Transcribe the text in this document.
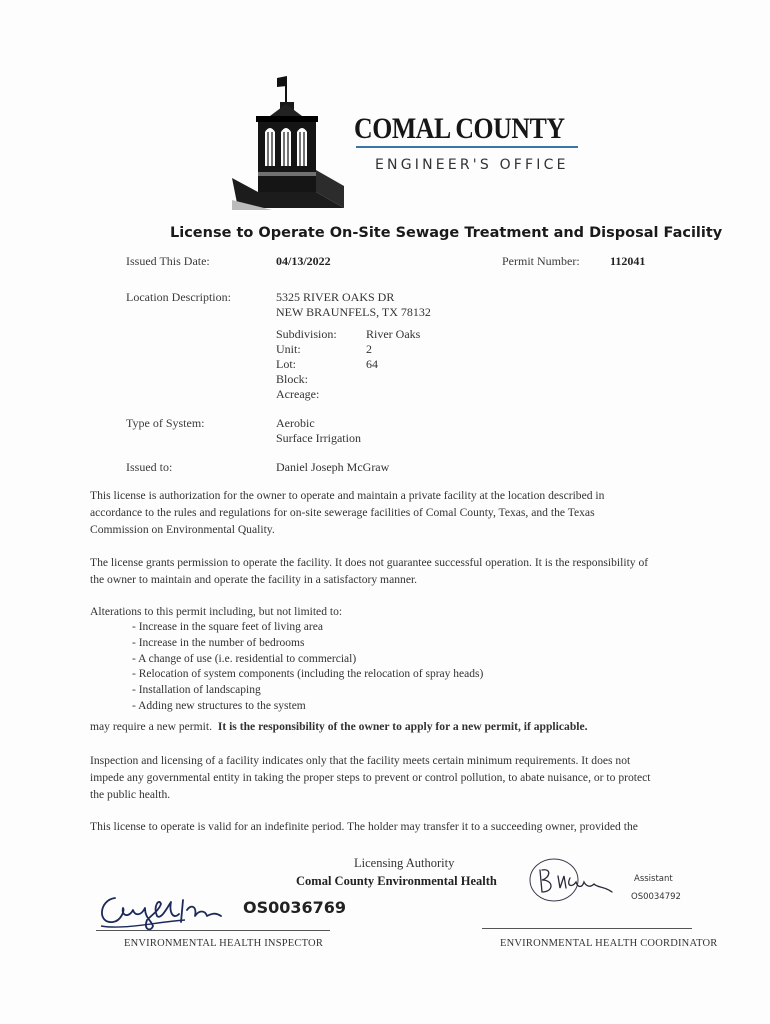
COMAL COUNTY
ENGINEER'S OFFICE
License to Operate On-Site Sewage Treatment and Disposal Facility
Issued This Date:	04/13/2022	Permit Number:	112041
Location Description:	5325 RIVER OAKS DR
NEW BRAUNFELS, TX 78132
Subdivision: River Oaks
Unit:	2
Lot:	64
Block:
Acreage:
Type of System:	Aerobic
Surface Irrigation
Issued to:	Daniel Joseph McGraw
This license is authorization for the owner to operate and maintain a private facility at the location described in
accordance to the rules and regulations for on-site sewerage facilities of Comal County, Texas, and the Texas
Commission on Environmental Quality.
The license grants permission to operate the facility. It does not guarantee successful operation. It is the responsibility of
the owner to maintain and operate the facility in a satisfactory manner.
Alterations to this permit including, but not limited to:
- Increase in the square feet of living area
- Increase in the number of bedrooms
- A change of use (i.e. residential to commercial)
- Relocation of system components (including the relocation of spray heads)
- Installation of landscaping
- Adding new structures to the system
may require a new permit. It is the responsibility of the owner to apply for a new permit, if applicable.
Inspection and licensing of a facility indicates only that the facility meets certain minimum requirements. It does not
impede any governmental entity in taking the proper steps to prevent or control pollution, to abate nuisance, or to protect
the public health.
This license to operate is valid for an indefinite period. The holder may transfer it to a succeeding owner, provided the
Licensing Authority
Comal County Environmental Health
OS0036769
ENVIRONMENTAL HEALTH INSPECTOR
Assistant
OS0034792
ENVIRONMENTAL HEALTH COORDINATOR
